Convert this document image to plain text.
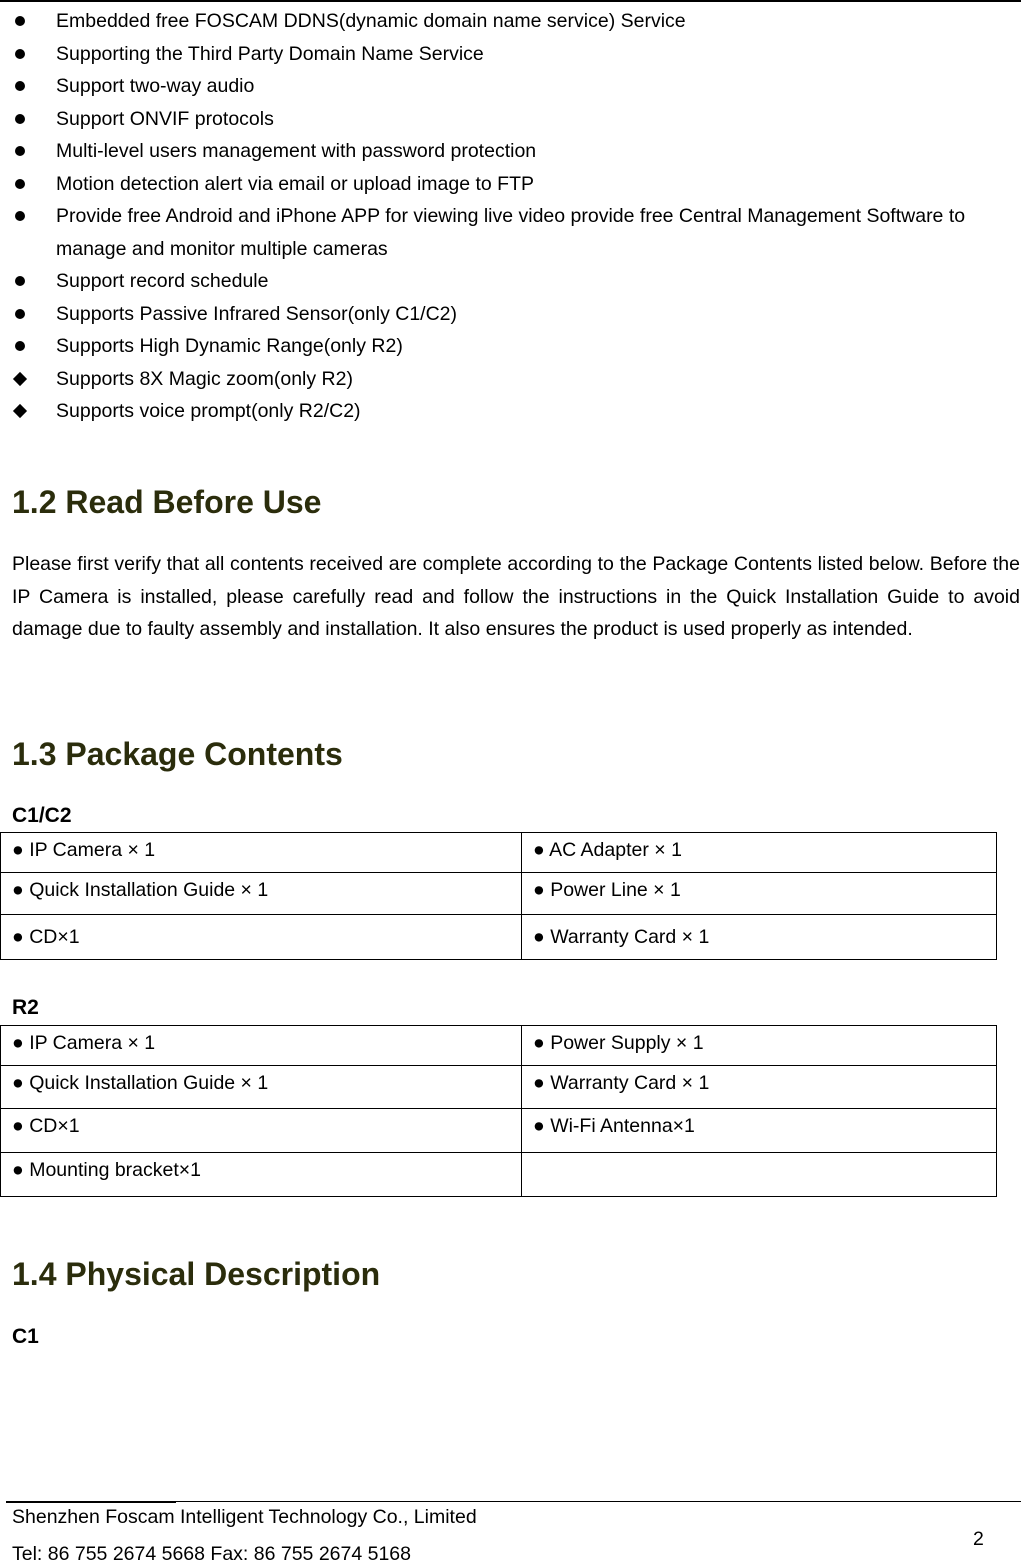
Embedded free FOSCAM DDNS(dynamic domain name service) Service
Supporting the Third Party Domain Name Service
Support two-way audio
Support ONVIF protocols
Multi-level users management with password protection
Motion detection alert via email or upload image to FTP
Provide free Android and iPhone APP for viewing live video provide free Central Management Software to manage and monitor multiple cameras
Support record schedule
Supports Passive Infrared Sensor(only C1/C2)
Supports High Dynamic Range(only R2)
Supports 8X Magic zoom(only R2)
Supports voice prompt(only R2/C2)
1.2 Read Before Use

Please first verify that all contents received are complete according to the Package Contents listed below. Before the IP Camera is installed, please carefully read and follow the instructions in the Quick Installation Guide to avoid damage due to faulty assembly and installation. It also ensures the product is used properly as intended.

1.3 Package Contents
C1/C2
● IP Camera × 1	● AC Adapter × 1
● Quick Installation Guide × 1	● Power Line × 1
● CD×1	● Warranty Card × 1
R2
● IP Camera × 1	● Power Supply × 1
● Quick Installation Guide × 1	● Warranty Card × 1
● CD×1	● Wi-Fi Antenna×1
● Mounting bracket×1	
1.4 Physical Description
C1
Shenzhen Foscam Intelligent Technology Co., Limited
Tel: 86 755 2674 5668 Fax: 86 755 2674 5168
2
